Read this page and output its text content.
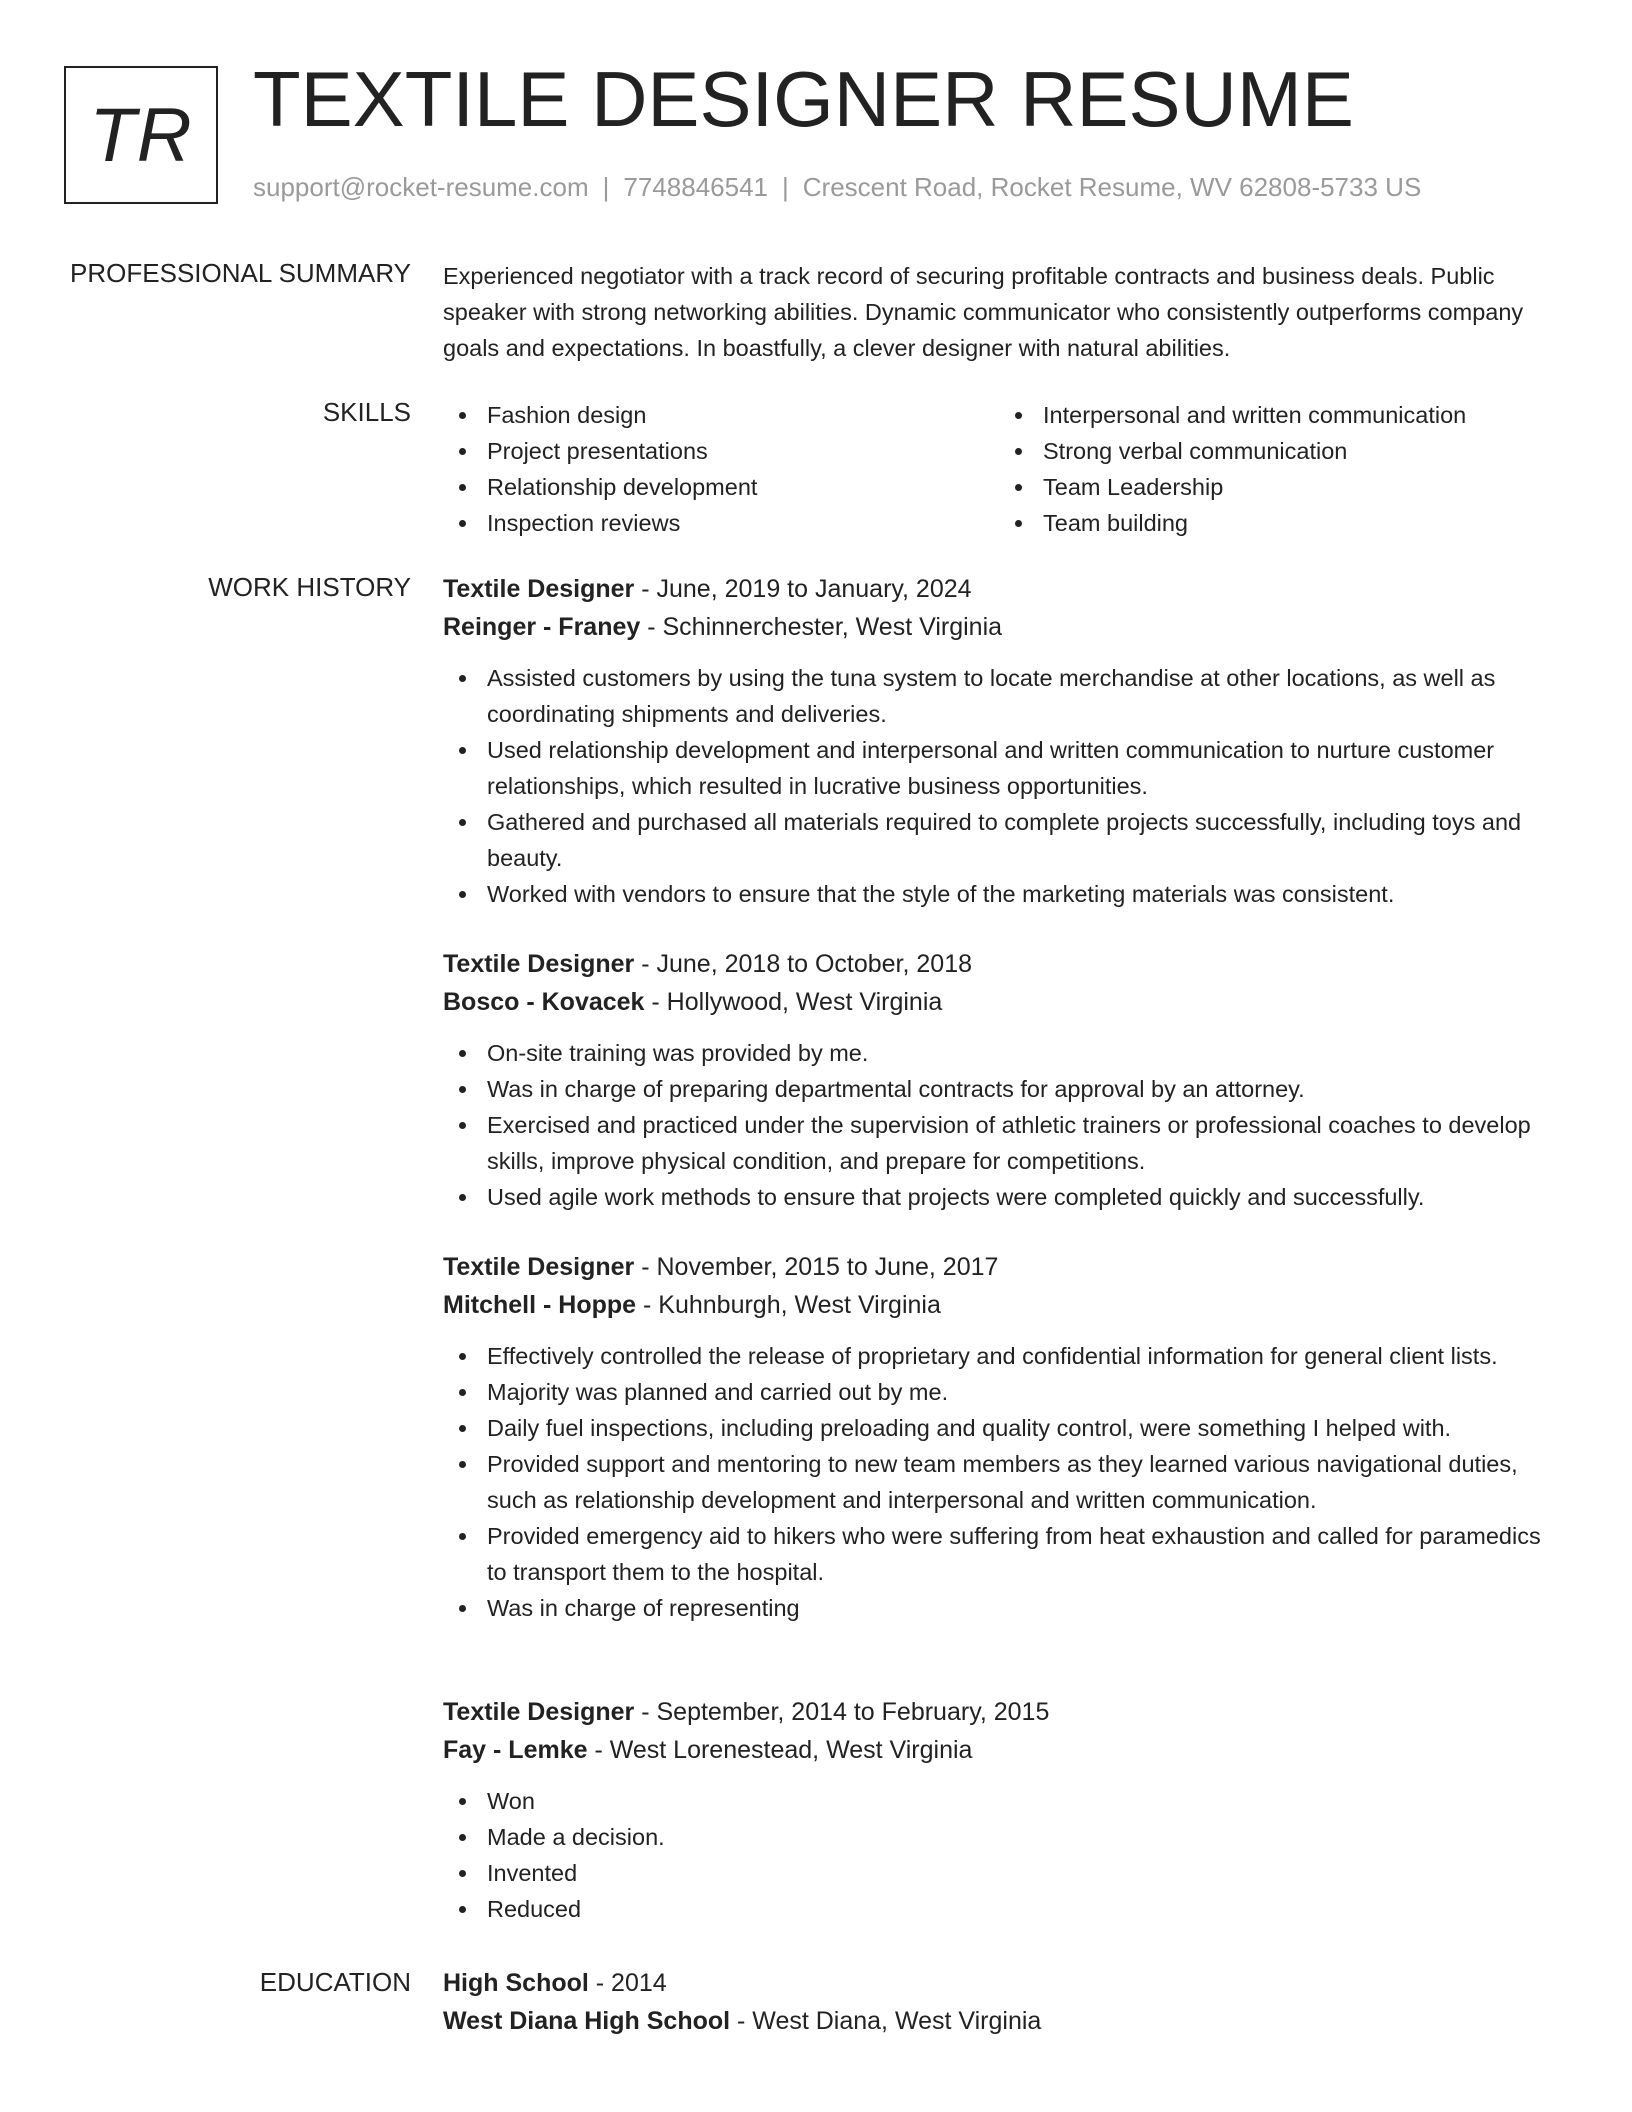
TR TEXTILE DESIGNER RESUME
support@rocket-resume.com | 7748846541 | Crescent Road, Rocket Resume, WV 62808-5733 US
PROFESSIONAL SUMMARY Experienced negotiator with a track record of securing profitable contracts and business deals. Public speaker with strong networking abilities. Dynamic communicator who consistently outperforms company goals and expectations. In boastfully, a clever designer with natural abilities.

SKILLS	Fashion design
Project presentations
Relationship development
Inspection reviews
Interpersonal and written communication
Strong verbal communication
Team Leadership
Team building
WORK HISTORY Textile Designer - June, 2019 to January, 2024
Reinger - Franey - Schinnerchester, West Virginia
Assisted customers by using the tuna system to locate merchandise at other locations, as well as coordinating shipments and deliveries.
Used relationship development and interpersonal and written communication to nurture customer relationships, which resulted in lucrative business opportunities.
Gathered and purchased all materials required to complete projects successfully, including toys and beauty.
Worked with vendors to ensure that the style of the marketing materials was consistent.
Textile Designer - June, 2018 to October, 2018
Bosco - Kovacek - Hollywood, West Virginia
On-site training was provided by me.
Was in charge of preparing departmental contracts for approval by an attorney.
Exercised and practiced under the supervision of athletic trainers or professional coaches to develop skills, improve physical condition, and prepare for competitions.
Used agile work methods to ensure that projects were completed quickly and successfully.
Textile Designer - November, 2015 to June, 2017
Mitchell - Hoppe - Kuhnburgh, West Virginia
Effectively controlled the release of proprietary and confidential information for general client lists.
Majority was planned and carried out by me.
Daily fuel inspections, including preloading and quality control, were something I helped with.
Provided support and mentoring to new team members as they learned various navigational duties, such as relationship development and interpersonal and written communication.
Provided emergency aid to hikers who were suffering from heat exhaustion and called for paramedics to transport them to the hospital.
Was in charge of representing
Textile Designer - September, 2014 to February, 2015
Fay - Lemke - West Lorenestead, West Virginia
Won
Made a decision.
Invented
Reduced
EDUCATION High School - 2014
West Diana High School - West Diana, West Virginia
